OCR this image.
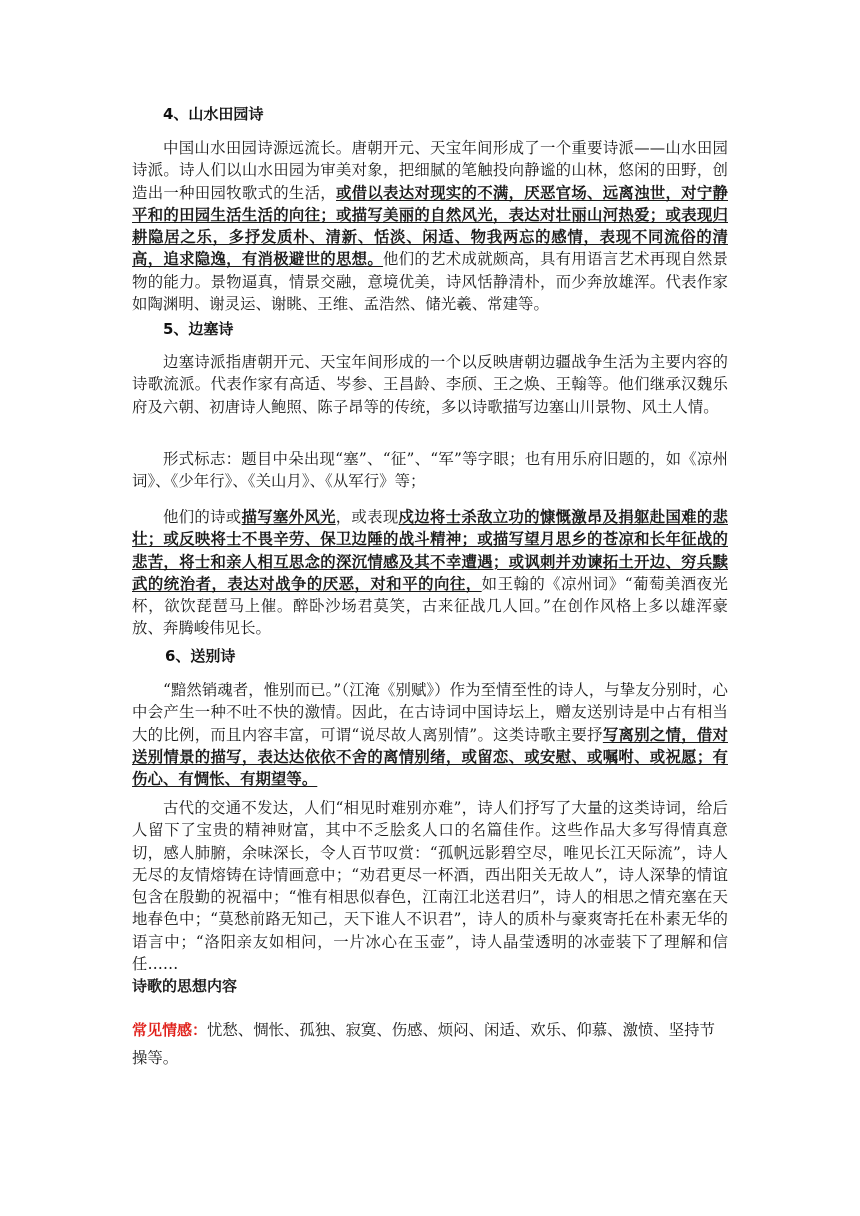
4、山水田园诗

中国山水田园诗源远流长。唐朝开元、天宝年间形成了一个重要诗派——山水田园诗派。诗人们以山水田园为审美对象，把细腻的笔触投向静谧的山林，悠闲的田野，创造出一种田园牧歌式的生活，或借以表达对现实的不满，厌恶官场、远离浊世，对宁静平和的田园生活生活的向往；或描写美丽的自然风光，表达对壮丽山河热爱；或表现归耕隐居之乐，多抒发质朴、清新、恬淡、闲适、物我两忘的感情，表现不同流俗的清高，追求隐逸，有消极避世的思想。他们的艺术成就颇高，具有用语言艺术再现自然景物的能力。景物逼真，情景交融，意境优美，诗风恬静清朴，而少奔放雄浑。代表作家如陶渊明、谢灵运、谢眺、王维、孟浩然、储光羲、常建等。

5、边塞诗

边塞诗派指唐朝开元、天宝年间形成的一个以反映唐朝边疆战争生活为主要内容的诗歌流派。代表作家有高适、岑参、王昌龄、李颀、王之焕、王翰等。他们继承汉魏乐府及六朝、初唐诗人鲍照、陈子昂等的传统，多以诗歌描写边塞山川景物、风土人情。

形式标志：题目中朵出现“塞”、“征”、“军”等字眼；也有用乐府旧题的，如《凉州词》、《少年行》、《关山月》、《从军行》等；

他们的诗或描写塞外风光，或表现戍边将士杀敌立功的慷慨激昂及捐躯赴国难的悲壮；或反映将士不畏辛劳、保卫边陲的战斗精神；或描写望月思乡的苍凉和长年征战的悲苦，将士和亲人相互思念的深沉情感及其不幸遭遇；或讽刺并劝谏拓土开边、穷兵黩武的统治者，表达对战争的厌恶，对和平的向往，如王翰的《凉州词》“葡萄美酒夜光杯，欲饮琵琶马上催。醉卧沙场君莫笑，古来征战几人回。”在创作风格上多以雄浑豪放、奔腾峻伟见长。

6、送别诗

“黯然销魂者，惟别而已。”（江淹《别赋》）作为至情至性的诗人，与挚友分别时，心中会产生一种不吐不快的激情。因此，在古诗词中国诗坛上，赠友送别诗是中占有相当大的比例，而且内容丰富，可谓“说尽故人离别情”。这类诗歌主要抒写离别之情，借对送别情景的描写，表达达依依不舍的离情别绪，或留恋、或安慰、或嘱咐、或祝愿；有伤心、有惆怅、有期望等。

古代的交通不发达，人们“相见时难别亦难”，诗人们抒写了大量的这类诗词，给后人留下了宝贵的精神财富，其中不乏脍炙人口的名篇佳作。这些作品大多写得情真意切，感人肺腑，余味深长，令人百节叹赏：“孤帆远影碧空尽，唯见长江天际流”，诗人无尽的友情熔铸在诗情画意中；“劝君更尽一杯酒，西出阳关无故人”，诗人深挚的情谊包含在殷勤的祝福中；“惟有相思似春色，江南江北送君归”，诗人的相思之情充塞在天地春色中；“莫愁前路无知己，天下谁人不识君”，诗人的质朴与豪爽寄托在朴素无华的语言中；“洛阳亲友如相问，一片冰心在玉壶”，诗人晶莹透明的冰壶装下了理解和信任……

诗歌的思想内容

常见情感：忧愁、惆怅、孤独、寂寞、伤感、烦闷、闲适、欢乐、仰慕、激愤、坚持节操等。
